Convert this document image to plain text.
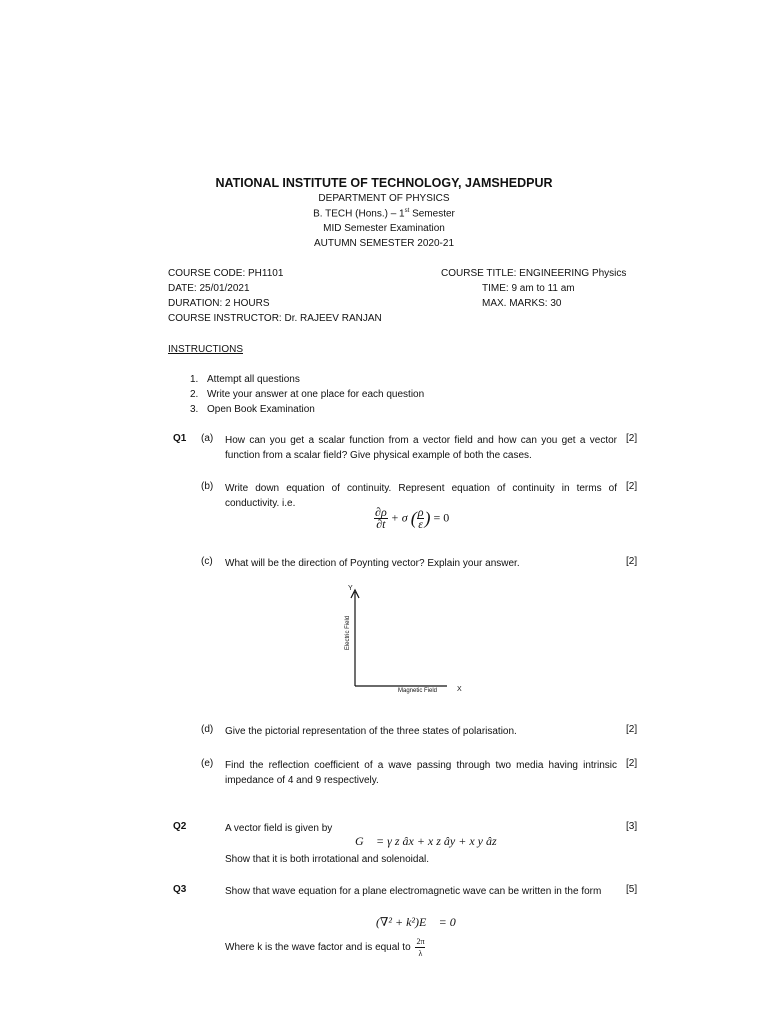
NATIONAL INSTITUTE OF TECHNOLOGY, JAMSHEDPUR
DEPARTMENT OF PHYSICS
B. TECH (Hons.) – 1st Semester
MID Semester Examination
AUTUMN SEMESTER 2020-21
COURSE CODE: PH1101
DATE: 25/01/2021
DURATION: 2 HOURS
COURSE INSTRUCTOR: Dr. RAJEEV RANJAN
COURSE TITLE: ENGINEERING Physics
TIME: 9 am to 11 am
MAX. MARKS: 30
INSTRUCTIONS
1. Attempt all questions
2. Write your answer at one place for each question
3. Open Book Examination
Q1 (a) How can you get a scalar function from a vector field and how can you get a vector function from a scalar field? Give physical example of both the cases.
[2]
(b) Write down equation of continuity. Represent equation of continuity in terms of conductivity. i.e.
[2]
$\frac{\partial\rho}{\partial t} + \sigma$ ( $\frac{\rho}{\varepsilon}$ ) = 0
(c) What will be the direction of Poynting vector? Explain your answer.	[2]
Y
X
Magnetic Field
Electric Field
(d) Give the pictorial representation of the three states of polarisation.	[2]
(e) Find the reflection coefficient of a wave passing through two media having intrinsic impedance of 4 and 9 respectively.
[2]
Q2	A vector field is given by	[3]
G⃗ = γ z âx + x z ây + x y âz
Show that it is both irrotational and solenoidal.
Q3	Show that wave equation for a plane electromagnetic wave can be written in the form	[5]
(∇² + k²)E⃗ = 0
Where k is the wave factor and is equal to $\frac{2\pi}{\lambda}$
